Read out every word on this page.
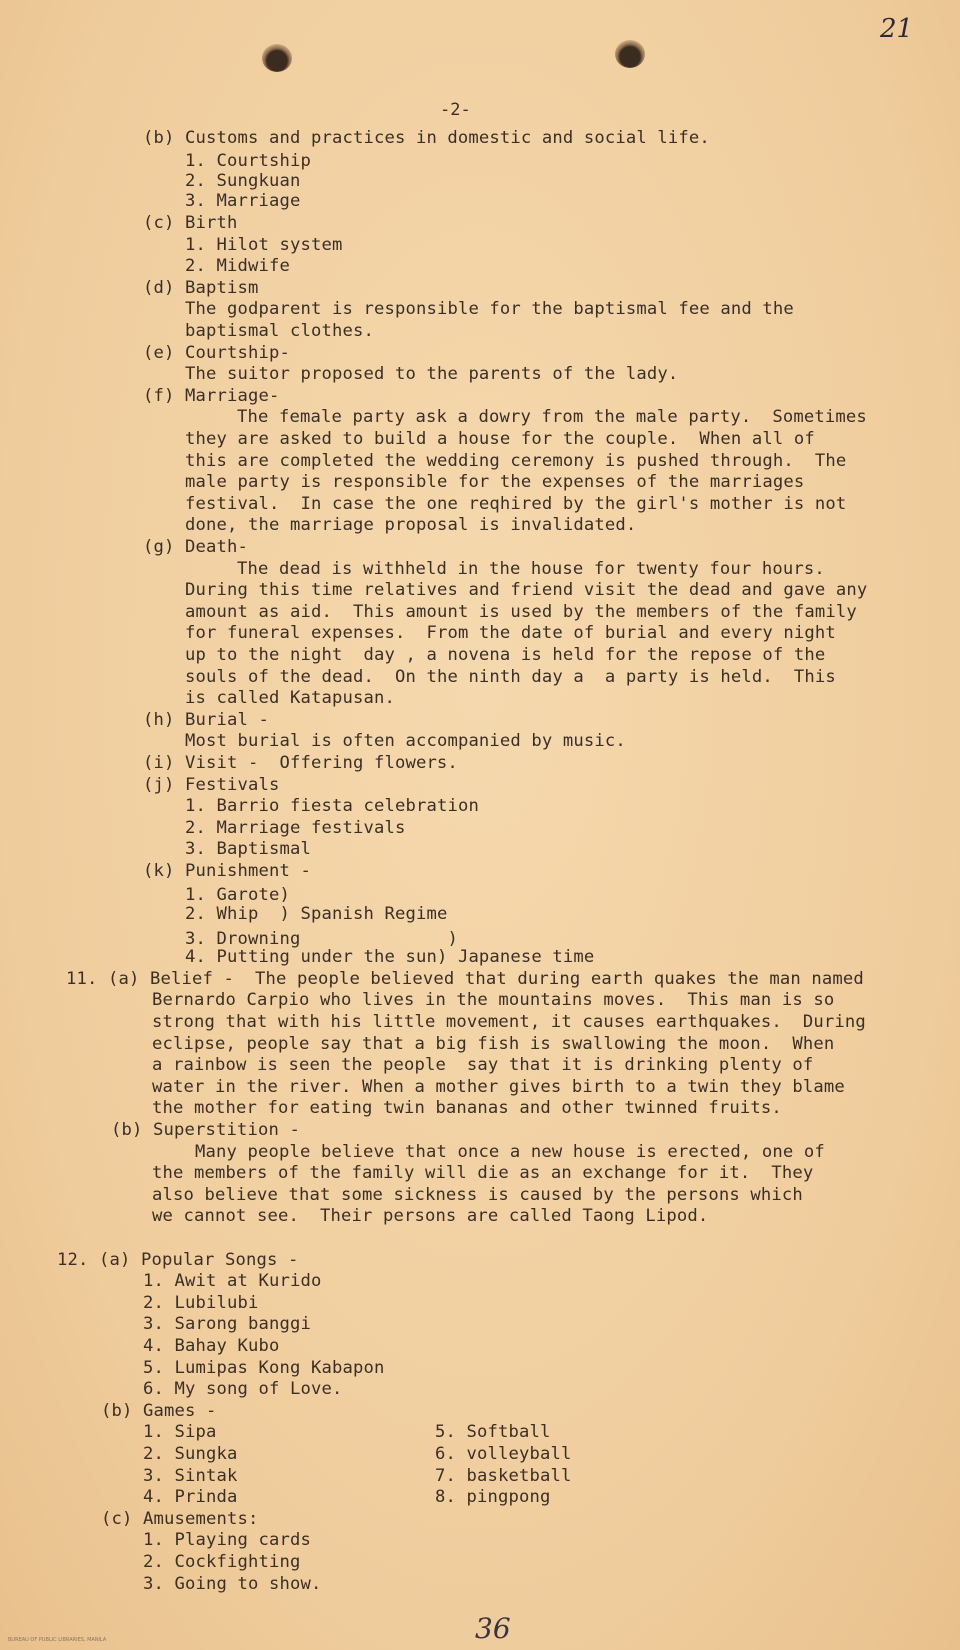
21
-2-
(b) Customs and practices in domestic and social life.
1. Courtship
2. Sungkuan
3. Marriage
(c) Birth
1. Hilot system
2. Midwife
(d) Baptism
The godparent is responsible for the baptismal fee and the
baptismal clothes.
(e) Courtship-
The suitor proposed to the parents of the lady.
(f) Marriage-
The female party ask a dowry from the male party.  Sometimes
they are asked to build a house for the couple.  When all of
this are completed the wedding ceremony is pushed through.  The
male party is responsible for the expenses of the marriages
festival.  In case the one reqhired by the girl's mother is not
done, the marriage proposal is invalidated.
(g) Death-
The dead is withheld in the house for twenty four hours.
During this time relatives and friend visit the dead and gave any
amount as aid.  This amount is used by the members of the family
for funeral expenses.  From the date of burial and every night
up to the night  day , a novena is held for the repose of the
souls of the dead.  On the ninth day a  a party is held.  This
is called Katapusan.
(h) Burial -
Most burial is often accompanied by music.
(i) Visit -  Offering flowers.
(j) Festivals
1. Barrio fiesta celebration
2. Marriage festivals
3. Baptismal
(k) Punishment -
1. Garote)
2. Whip  ) Spanish Regime
3. Drowning              )
4. Putting under the sun) Japanese time
11. (a) Belief -  The people believed that during earth quakes the man named
Bernardo Carpio who lives in the mountains moves.  This man is so
strong that with his little movement, it causes earthquakes.  During
eclipse, people say that a big fish is swallowing the moon.  When
a rainbow is seen the people  say that it is drinking plenty of
water in the river. When a mother gives birth to a twin they blame
the mother for eating twin bananas and other twinned fruits.
(b) Superstition -
Many people believe that once a new house is erected, one of
the members of the family will die as an exchange for it.  They
also believe that some sickness is caused by the persons which
we cannot see.  Their persons are called Taong Lipod.
12. (a) Popular Songs -
1. Awit at Kurido
2. Lubilubi
3. Sarong banggi
4. Bahay Kubo
5. Lumipas Kong Kabapon
6. My song of Love.
(b) Games -
1. Sipa	5. Softball
2. Sungka	6. volleyball
3. Sintak	7. basketball
4. Prinda	8. pingpong
(c) Amusements:
1. Playing cards
2. Cockfighting
3. Going to show.
36
BUREAU OF PUBLIC LIBRARIES, MANILA
